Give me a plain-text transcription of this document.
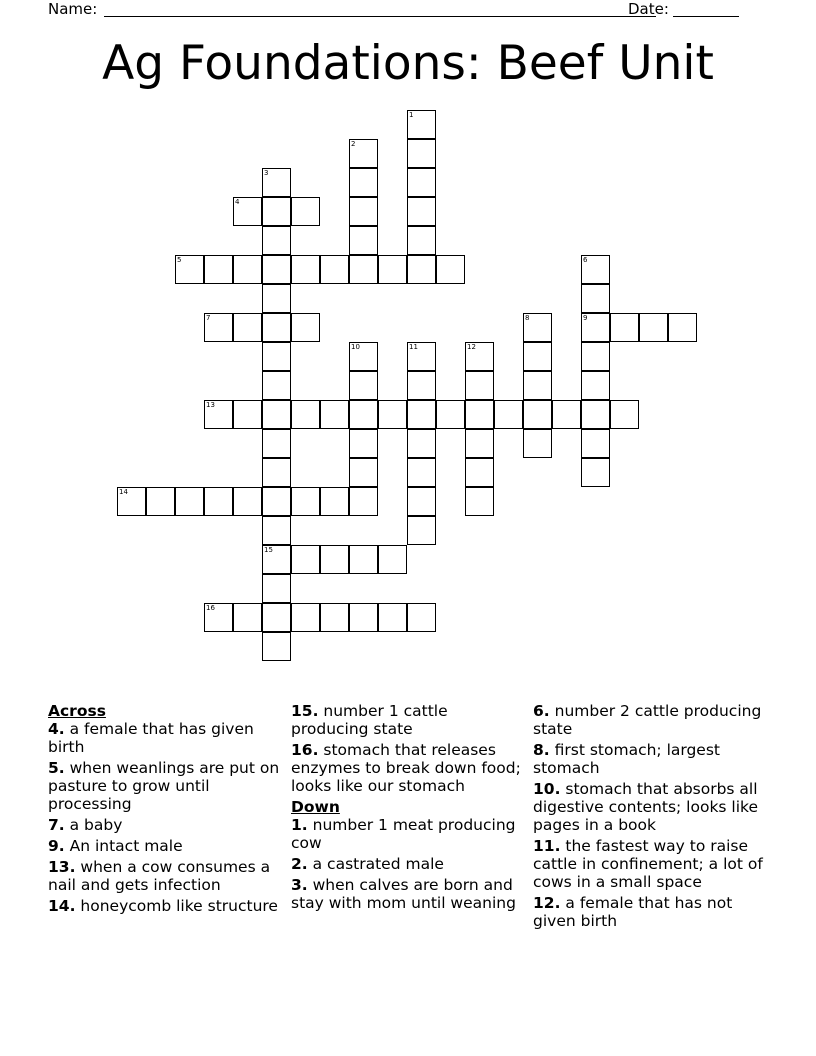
Name:	Date:
Ag Foundations: Beef Unit
1
2
3
15
4
5	6
9
7	8
10	11	12
13
14
16
Across
4. a female that has given birth
5. when weanlings are put on pasture to grow until processing
7. a baby
9. An intact male
13. when a cow consumes a nail and gets infection
14. honeycomb like structure
15. number 1 cattle producing state
16. stomach that releases enzymes to break down food; looks like our stomach
Down
1. number 1 meat producing cow
2. a castrated male
3. when calves are born and stay with mom until weaning
6. number 2 cattle producing state
8. first stomach; largest stomach
10. stomach that absorbs all digestive contents; looks like pages in a book
11. the fastest way to raise cattle in confinement; a lot of cows in a small space
12. a female that has not given birth
